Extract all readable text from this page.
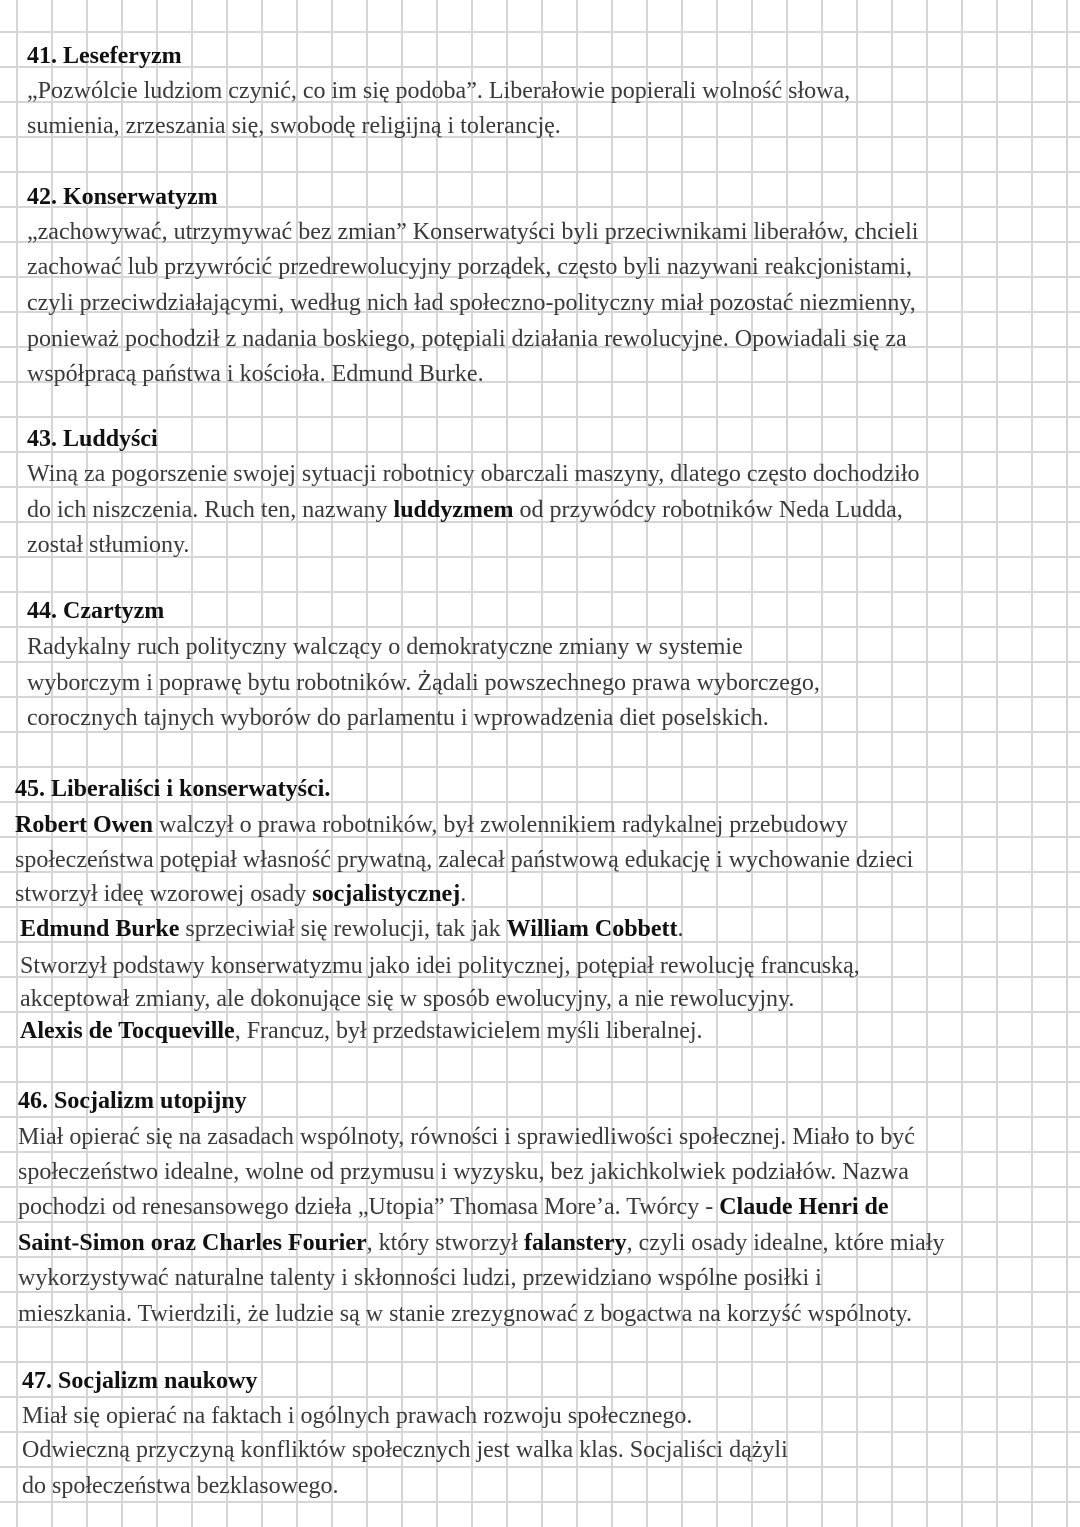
41. Leseferyzm
„Pozwólcie ludziom czynić, co im się podoba”. Liberałowie popierali wolność słowa,
sumienia, zrzeszania się, swobodę religijną i tolerancję.
42. Konserwatyzm
„zachowywać, utrzymywać bez zmian” Konserwatyści byli przeciwnikami liberałów, chcieli
zachować lub przywrócić przedrewolucyjny porządek, często byli nazywani reakcjonistami,
czyli przeciwdziałającymi, według nich ład społeczno-polityczny miał pozostać niezmienny,
ponieważ pochodził z nadania boskiego, potępiali działania rewolucyjne. Opowiadali się za
współpracą państwa i kościoła. Edmund Burke.
43. Luddyści
Winą za pogorszenie swojej sytuacji robotnicy obarczali maszyny, dlatego często dochodziło
do ich niszczenia. Ruch ten, nazwany luddyzmem od przywódcy robotników Neda Ludda,
został stłumiony.
44. Czartyzm
Radykalny ruch polityczny walczący o demokratyczne zmiany w systemie
wyborczym i poprawę bytu robotników. Żądali powszechnego prawa wyborczego,
corocznych tajnych wyborów do parlamentu i wprowadzenia diet poselskich.
45. Liberaliści i konserwatyści.
Robert Owen walczył o prawa robotników, był zwolennikiem radykalnej przebudowy
społeczeństwa potępiał własność prywatną, zalecał państwową edukację i wychowanie dzieci
stworzył ideę wzorowej osady socjalistycznej.
Edmund Burke sprzeciwiał się rewolucji, tak jak William Cobbett.
Stworzył podstawy konserwatyzmu jako idei politycznej, potępiał rewolucję francuską,
akceptował zmiany, ale dokonujące się w sposób ewolucyjny, a nie rewolucyjny.
Alexis de Tocqueville, Francuz, był przedstawicielem myśli liberalnej.
46. Socjalizm utopijny
Miał opierać się na zasadach wspólnoty, równości i sprawiedliwości społecznej. Miało to być
społeczeństwo idealne, wolne od przymusu i wyzysku, bez jakichkolwiek podziałów. Nazwa
pochodzi od renesansowego dzieła „Utopia” Thomasa More’a. Twórcy - Claude Henri de
Saint-Simon oraz Charles Fourier, który stworzył falanstery, czyli osady idealne, które miały
wykorzystywać naturalne talenty i skłonności ludzi, przewidziano wspólne posiłki i
mieszkania. Twierdzili, że ludzie są w stanie zrezygnować z bogactwa na korzyść wspólnoty.
47. Socjalizm naukowy
Miał się opierać na faktach i ogólnych prawach rozwoju społecznego.
Odwieczną przyczyną konfliktów społecznych jest walka klas. Socjaliści dążyli
do społeczeństwa bezklasowego.
